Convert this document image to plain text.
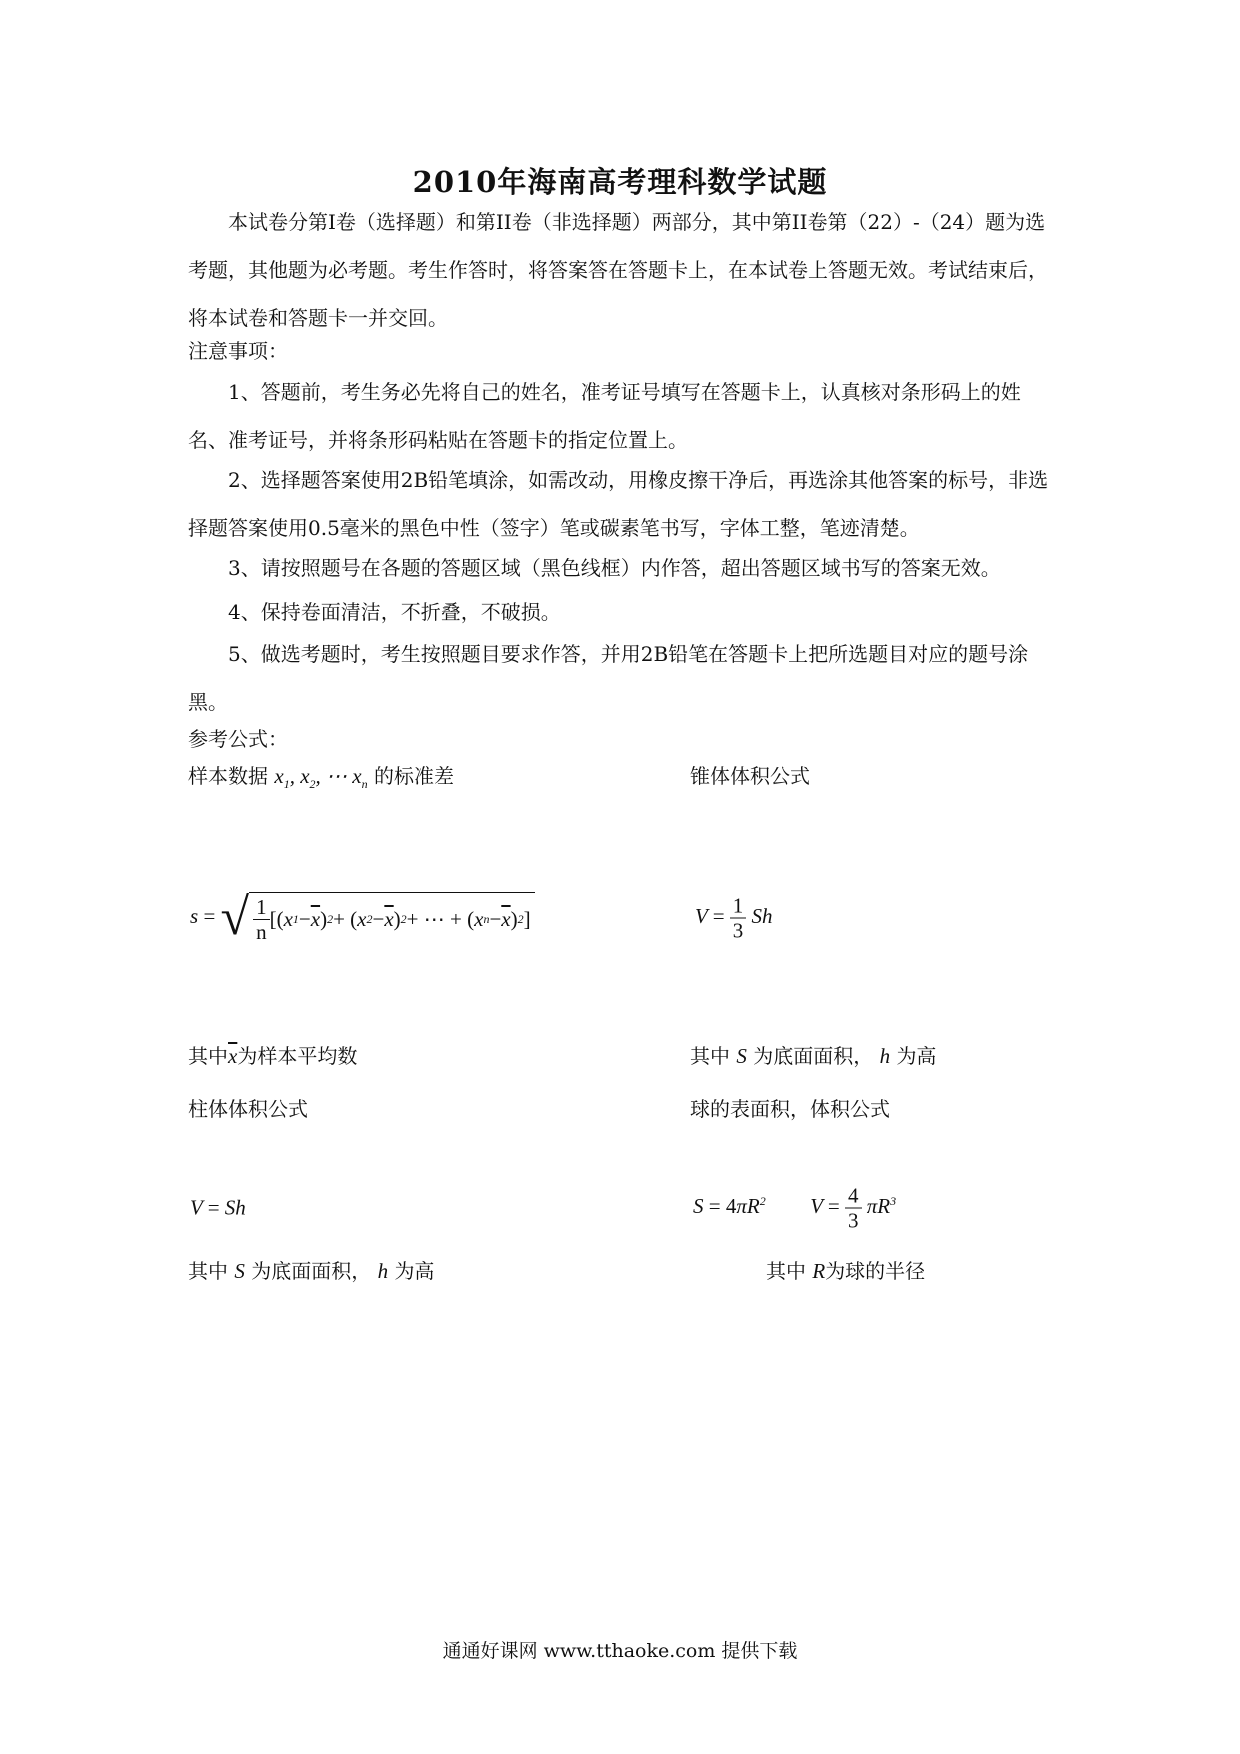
2010年海南高考理科数学试题
本试卷分第Ⅰ卷（选择题）和第II卷（非选择题）两部分，其中第II卷第（22）-（24）题为选考题，其他题为必考题。考生作答时，将答案答在答题卡上，在本试卷上答题无效。考试结束后，将本试卷和答题卡一并交回。
注意事项：
1、答题前，考生务必先将自己的姓名，准考证号填写在答题卡上，认真核对条形码上的姓名、准考证号，并将条形码粘贴在答题卡的指定位置上。
2、选择题答案使用2B铅笔填涂，如需改动，用橡皮擦干净后，再选涂其他答案的标号，非选择题答案使用0.5毫米的黑色中性（签字）笔或碳素笔书写，字体工整，笔迹清楚。
3、请按照题号在各题的答题区域（黑色线框）内作答，超出答题区域书写的答案无效。
4、保持卷面清洁，不折叠，不破损。
5、做选考题时，考生按照题目要求作答，并用2B铅笔在答题卡上把所选题目对应的题号涂黑。
参考公式：
样本数据 $x_1$, $x_2$, ⋯ $x_n$ 的标准差	锥体体积公式
s = √ $\frac{1}{n}$ [( x $1 - \overline{x}$ ) 2 + ( x $2 - \overline{x}$ ) 2 + ⋯ + ( x $n - \overline{x}$ ) 2 ]	$V = \frac{1}{3}$ Sh
其中$\overline{x}$为样本平均数	其中 S 为底面面积， h 为高
柱体体积公式	球的表面积，体积公式
V = Sh	$S = 4\pi R^2$  $V = \frac{4}{3} \pi R^3$
其中 S 为底面面积， h 为高	其中 R为球的半径
通通好课网 www.tthaoke.com 提供下载
